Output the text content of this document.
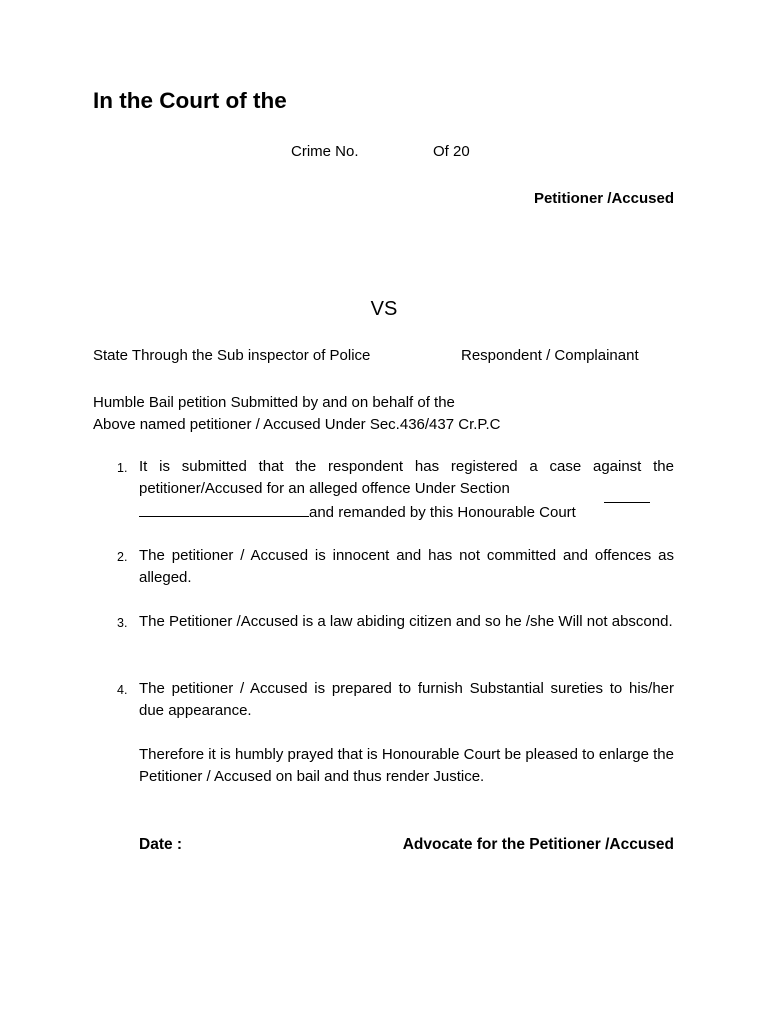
In the Court of the
Crime No.	Of 20
Petitioner /Accused
VS
State Through the Sub inspector of Police	Respondent / Complainant
Humble Bail petition Submitted by and on behalf of the
Above named petitioner / Accused Under Sec.436/437 Cr.P.C
1. It is submitted that the respondent has registered a case against the petitioner/Accused for an alleged offence Under Section
and remanded by this Honourable Court
2. The petitioner / Accused is innocent and has not committed and offences as alleged.
3. The Petitioner /Accused is a law abiding citizen and so he /she Will not abscond.
4. The petitioner / Accused is prepared to furnish Substantial sureties to his/her due appearance.
Therefore it is humbly prayed that is Honourable Court be pleased to enlarge the Petitioner / Accused on bail and thus render Justice.
Date :	Advocate for the Petitioner /Accused
